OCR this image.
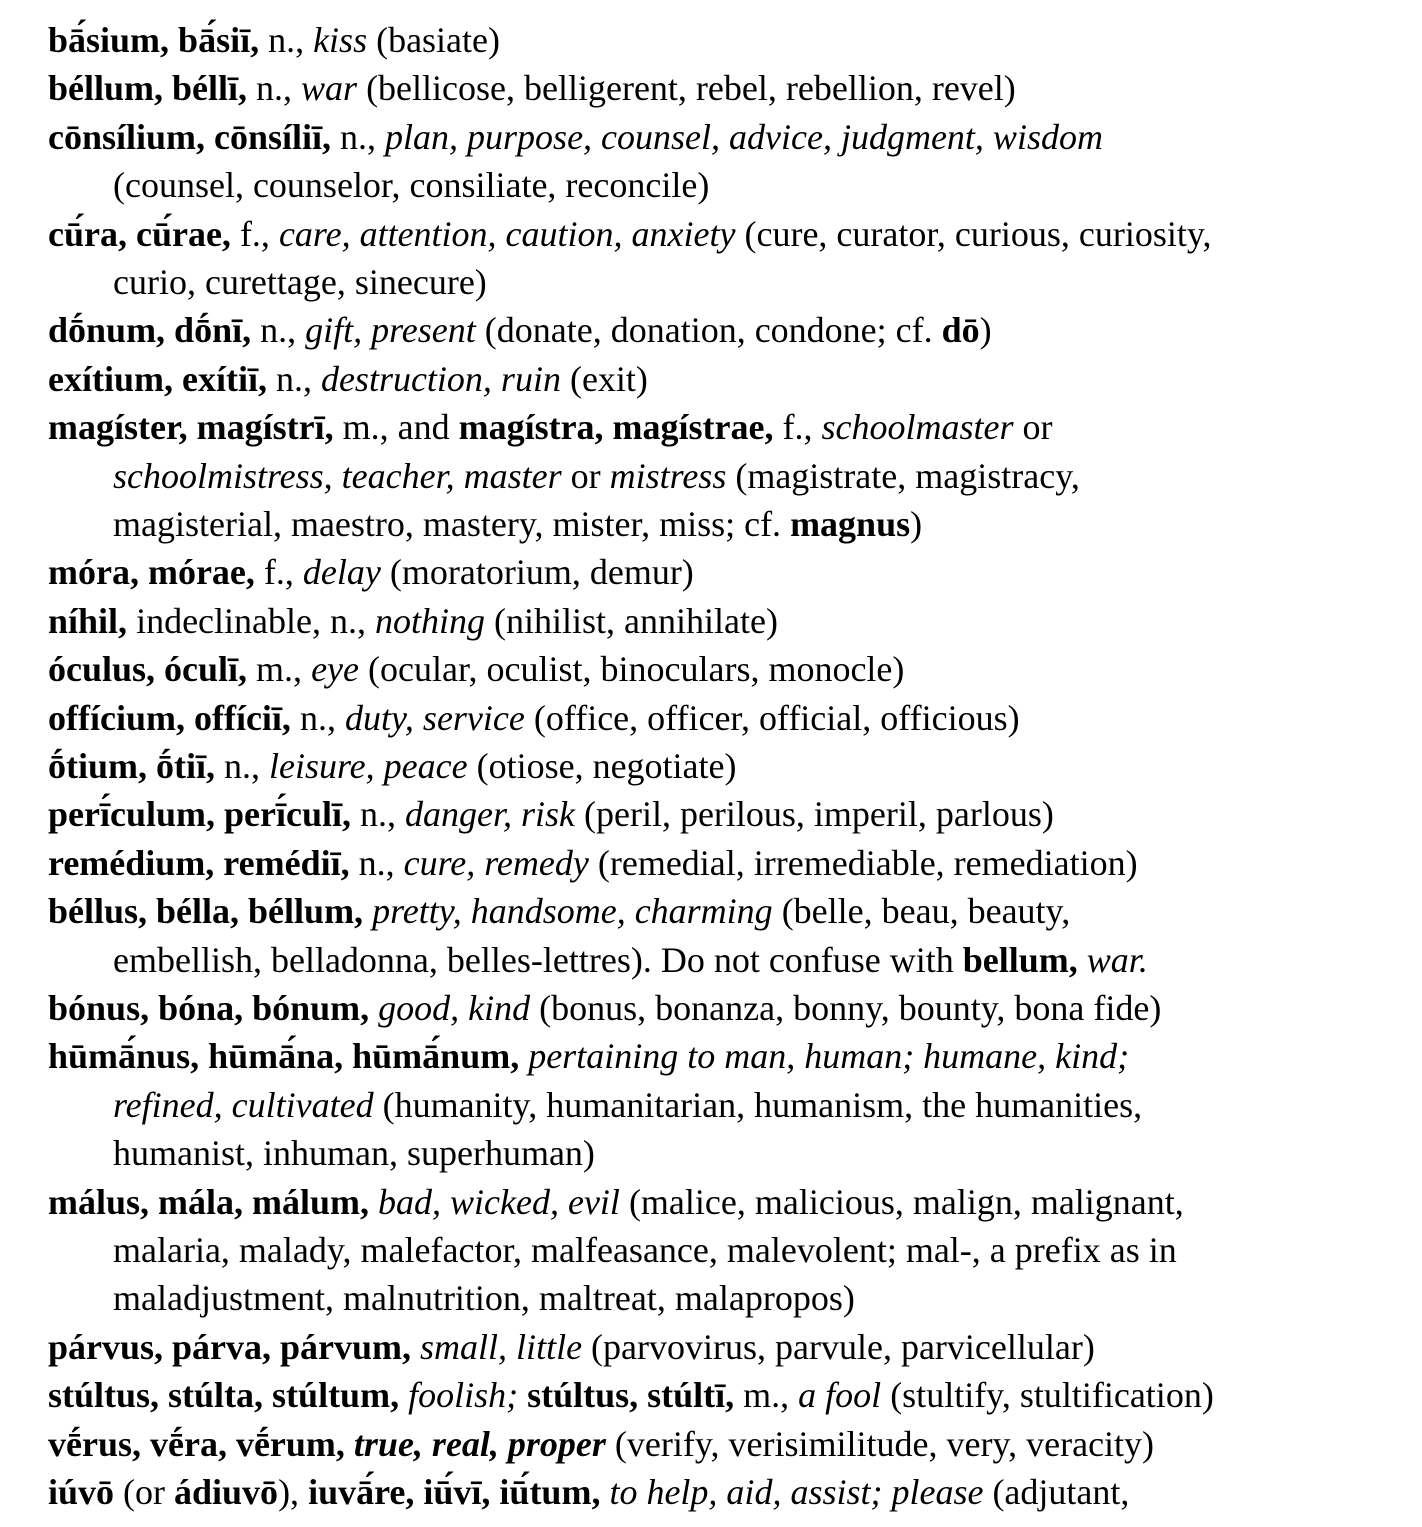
bā́sium, bā́siī, n., kiss (basiate)
béllum, béllī, n., war (bellicose, belligerent, rebel, rebellion, revel)
cōnsílium, cōnsíliī, n., plan, purpose, counsel, advice, judgment, wisdom
(counsel, counselor, consiliate, reconcile)
cū́ra, cū́rae, f., care, attention, caution, anxiety (cure, curator, curious, curiosity,
curio, curettage, sinecure)
dṓnum, dṓnī, n., gift, present (donate, donation, condone; cf. dō)
exítium, exítiī, n., destruction, ruin (exit)
magíster, magístrī, m., and magístra, magístrae, f., schoolmaster or
schoolmistress, teacher, master or mistress (magistrate, magistracy,
magisterial, maestro, mastery, mister, miss; cf. magnus)
móra, mórae, f., delay (moratorium, demur)
níhil, indeclinable, n., nothing (nihilist, annihilate)
óculus, óculī, m., eye (ocular, oculist, binoculars, monocle)
offícium, offíciī, n., duty, service (office, officer, official, officious)
ṓtium, ṓtiī, n., leisure, peace (otiose, negotiate)
perī́culum, perī́culī, n., danger, risk (peril, perilous, imperil, parlous)
remédium, remédiī, n., cure, remedy (remedial, irremediable, remediation)
béllus, bélla, béllum, pretty, handsome, charming (belle, beau, beauty,
embellish, belladonna, belles-lettres). Do not confuse with bellum, war.
bónus, bóna, bónum, good, kind (bonus, bonanza, bonny, bounty, bona fide)
hūmā́nus, hūmā́na, hūmā́num, pertaining to man, human; humane, kind;
refined, cultivated (humanity, humanitarian, humanism, the humanities,
humanist, inhuman, superhuman)
málus, mála, málum, bad, wicked, evil (malice, malicious, malign, malignant,
malaria, malady, malefactor, malfeasance, malevolent; mal-, a prefix as in
maladjustment, malnutrition, maltreat, malapropos)
párvus, párva, párvum, small, little (parvovirus, parvule, parvicellular)
stúltus, stúlta, stúltum, foolish; stúltus, stúltī, m., a fool (stultify, stultification)
vḗrus, vḗra, vḗrum, true, real, proper (verify, verisimilitude, very, veracity)
iúvō (or ádiuvō), iuvā́re, iū́vī, iū́tum, to help, aid, assist; please (adjutant,
